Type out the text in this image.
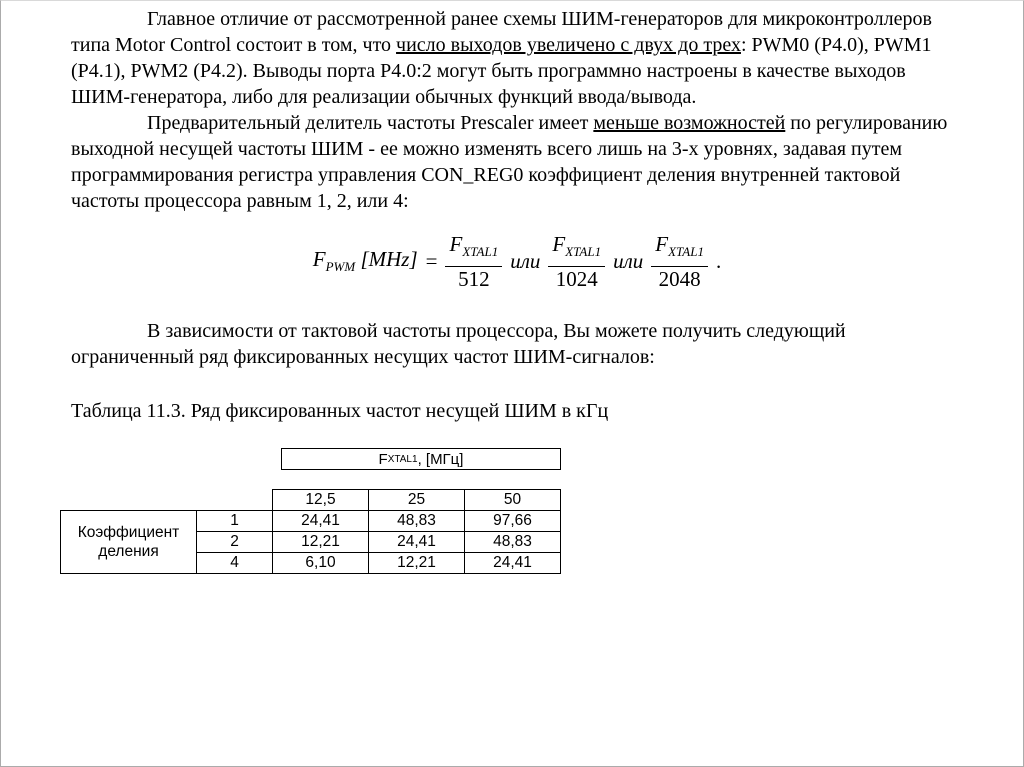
Главное отличие от рассмотренной ранее схемы ШИМ-генераторов для микроконтроллеров типа Motor Control состоит в том, что число выходов увеличено с двух до трех: PWM0 (P4.0), PWM1 (P4.1), PWM2 (P4.2). Выводы порта P4.0:2 могут быть программно настроены в качестве выходов ШИМ-генератора, либо для реализации обычных функций ввода/вывода.

Предварительный делитель частоты Prescaler имеет меньше возможностей по регулированию выходной несущей частоты ШИМ - ее можно изменять всего лишь на 3-х уровнях, задавая путем программирования регистра управления CON_REG0 коэффициент деления внутренней тактовой частоты процессора равным 1, 2, или 4:

$F_{PWM}$ $[MHz] = \frac{F_{XTAL1}}{512}$ или $\frac{F_{XTAL1}}{1024}$ или $\frac{F_{XTAL1}}{2048}$ .

В зависимости от тактовой частоты процессора, Вы можете получить следующий ограниченный ряд фиксированных несущих частот ШИМ-сигналов:

Таблица 11.3. Ряд фиксированных частот несущей ШИМ в кГц

F XTAL1 , [МГц]
		12,5	25	50
Коэффициент
деления	1	24,41	48,83	97,66
	2	12,21	24,41	48,83
	4	6,10	12,21	24,41
